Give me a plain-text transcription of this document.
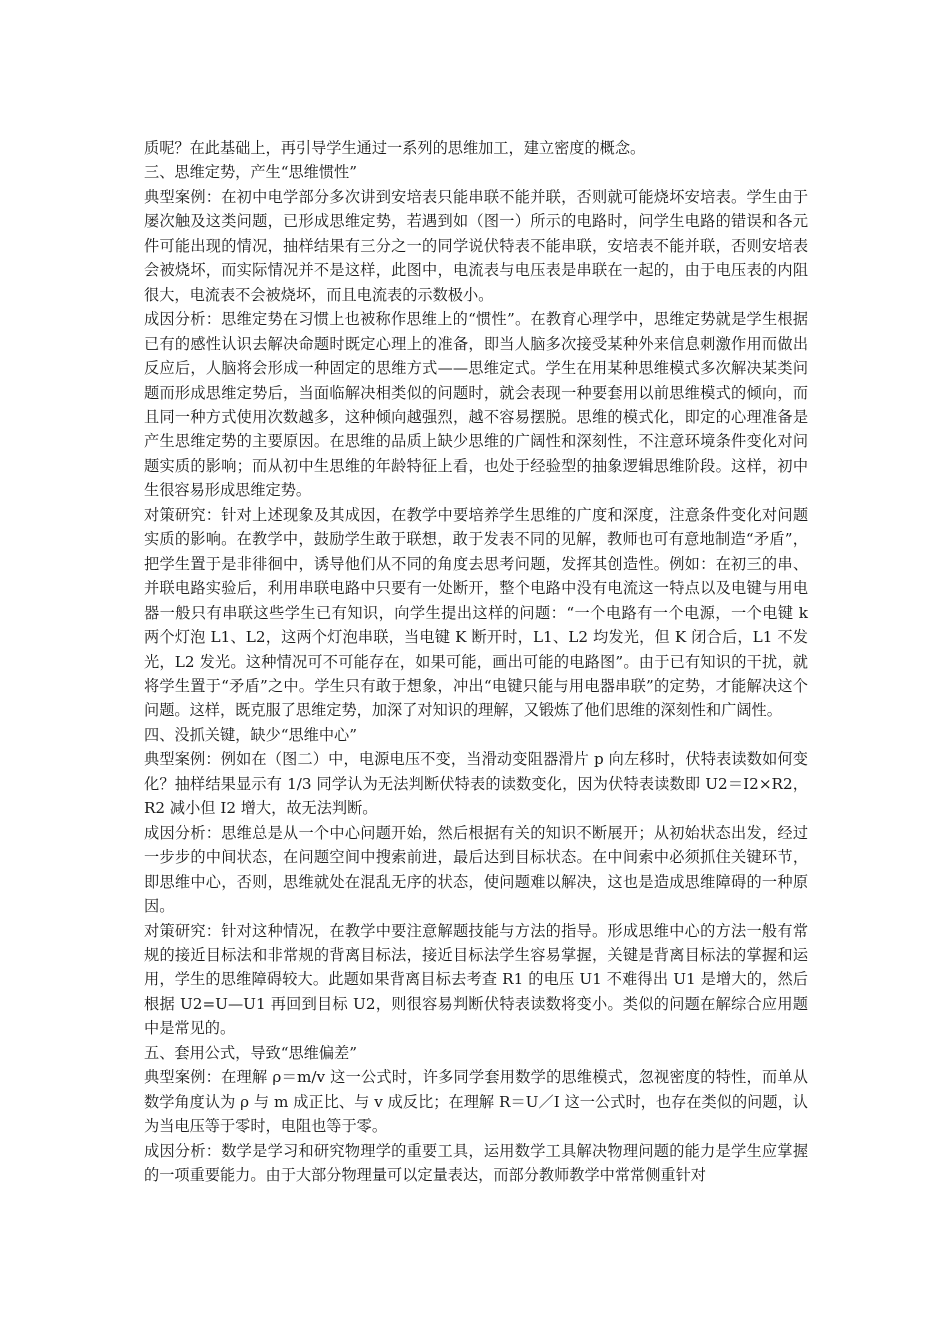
质呢？在此基础上，再引导学生通过一系列的思维加工，建立密度的概念。

三、思维定势，产生“思维惯性”

典型案例：在初中电学部分多次讲到安培表只能串联不能并联，否则就可能烧坏安培表。学生由于屡次触及这类问题，已形成思维定势，若遇到如（图一）所示的电路时，问学生电路的错误和各元件可能出现的情况，抽样结果有三分之一的同学说伏特表不能串联，安培表不能并联，否则安培表会被烧坏，而实际情况并不是这样，此图中，电流表与电压表是串联在一起的，由于电压表的内阻很大，电流表不会被烧坏，而且电流表的示数极小。

成因分析：思维定势在习惯上也被称作思维上的“惯性”。在教育心理学中，思维定势就是学生根据已有的感性认识去解决命题时既定心理上的准备，即当人脑多次接受某种外来信息刺激作用而做出反应后，人脑将会形成一种固定的思维方式——思维定式。学生在用某种思维模式多次解决某类问题而形成思维定势后，当面临解决相类似的问题时，就会表现一种要套用以前思维模式的倾向，而且同一种方式使用次数越多，这种倾向越强烈，越不容易摆脱。思维的模式化，即定的心理准备是产生思维定势的主要原因。在思维的品质上缺少思维的广阔性和深刻性，不注意环境条件变化对问题实质的影响；而从初中生思维的年龄特征上看，也处于经验型的抽象逻辑思维阶段。这样，初中生很容易形成思维定势。

对策研究：针对上述现象及其成因，在教学中要培养学生思维的广度和深度，注意条件变化对问题实质的影响。在教学中，鼓励学生敢于联想，敢于发表不同的见解，教师也可有意地制造“矛盾”，把学生置于是非徘徊中，诱导他们从不同的角度去思考问题，发挥其创造性。例如：在初三的串、并联电路实验后，利用串联电路中只要有一处断开，整个电路中没有电流这一特点以及电键与用电器一般只有串联这些学生已有知识，向学生提出这样的问题：“一个电路有一个电源，一个电键 k 两个灯泡 L1、L2，这两个灯泡串联，当电键 K 断开时，L1、L2 均发光，但 K 闭合后，L1 不发光，L2 发光。这种情况可不可能存在，如果可能，画出可能的电路图”。由于已有知识的干扰，就将学生置于“矛盾”之中。学生只有敢于想象，冲出“电键只能与用电器串联”的定势，才能解决这个问题。这样，既克服了思维定势，加深了对知识的理解，又锻炼了他们思维的深刻性和广阔性。

四、没抓关键，缺少“思维中心”

典型案例：例如在（图二）中，电源电压不变，当滑动变阻器滑片 p 向左移时，伏特表读数如何变化？抽样结果显示有 1/3 同学认为无法判断伏特表的读数变化，因为伏特表读数即 U2＝I2×R2，R2 减小但 I2 增大，故无法判断。

成因分析：思维总是从一个中心问题开始，然后根据有关的知识不断展开；从初始状态出发，经过一步步的中间状态，在问题空间中搜索前进，最后达到目标状态。在中间索中必须抓住关键环节，即思维中心，否则，思维就处在混乱无序的状态，使问题难以解决，这也是造成思维障碍的一种原因。

对策研究：针对这种情况，在教学中要注意解题技能与方法的指导。形成思维中心的方法一般有常规的接近目标法和非常规的背离目标法，接近目标法学生容易掌握，关键是背离目标法的掌握和运用，学生的思维障碍较大。此题如果背离目标去考查 R1 的电压 U1 不难得出 U1 是增大的，然后根据 U2=U—U1 再回到目标 U2，则很容易判断伏特表读数将变小。类似的问题在解综合应用题中是常见的。

五、套用公式，导致“思维偏差”

典型案例：在理解 ρ＝m/v 这一公式时，许多同学套用数学的思维模式，忽视密度的特性，而单从数学角度认为 ρ 与 m 成正比、与 v 成反比；在理解 R＝U／I 这一公式时，也存在类似的问题，认为当电压等于零时，电阻也等于零。

成因分析：数学是学习和研究物理学的重要工具，运用数学工具解决物理问题的能力是学生应掌握的一项重要能力。由于大部分物理量可以定量表达，而部分教师教学中常常侧重针对
